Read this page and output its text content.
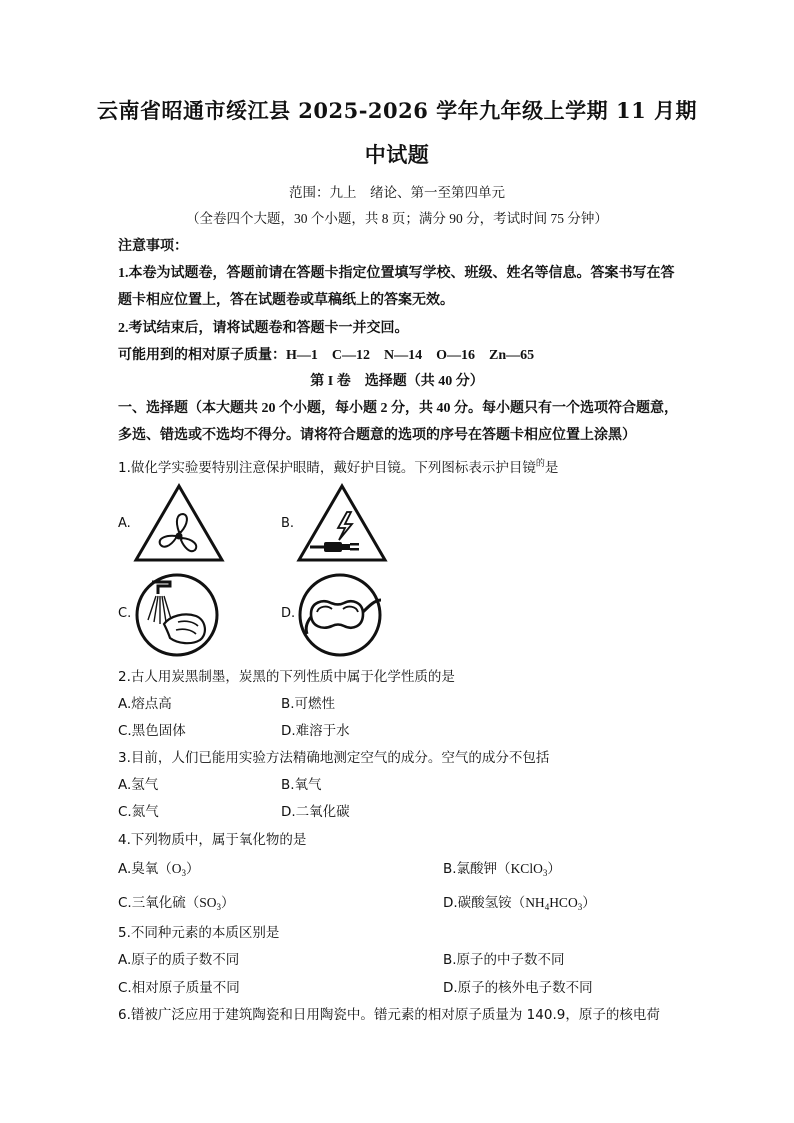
云南省昭通市绥江县 2025-2026 学年九年级上学期 11 月期
中试题
范围：九上　绪论、第一至第四单元
（全卷四个大题，30 个小题，共 8 页；满分 90 分，考试时间 75 分钟）
注意事项：
1.本卷为试题卷，答题前请在答题卡指定位置填写学校、班级、姓名等信息。答案书写在答
题卡相应位置上，答在试题卷或草稿纸上的答案无效。
2.考试结束后，请将试题卷和答题卡一并交回。
可能用到的相对原子质量：H—1　C—12　N—14　O—16　Zn—65
第 I 卷　选择题（共 40 分）
一、选择题（本大题共 20 个小题，每小题 2 分，共 40 分。每小题只有一个选项符合题意，
多选、错选或不选均不得分。请将符合题意的选项的序号在答题卡相应位置上涂黑）
1.做化学实验要特别注意保护眼睛，戴好护目镜。下列图标表示护目镜$^的$是
A.	B.
C.	D.
2.古人用炭黑制墨，炭黑的下列性质中属于化学性质的是
A.熔点高	B.可燃性
C.黑色固体	D.难溶于水
3.目前，人们已能用实验方法精确地测定空气的成分。空气的成分不包括
A.氢气	B.氧气
C.氮气	D.二氧化碳
4.下列物质中，属于氧化物的是
A.臭氧$(O_3)$	B.氯酸钾（KClO$_3$）
C.三氧化硫$(SO_3)$	D.碳酸氢铵$(NH_4HCO_3)$
5.不同种元素的本质区别是
A.原子的质子数不同	B.原子的中子数不同
C.相对原子质量不同	D.原子的核外电子数不同
6.镨被广泛应用于建筑陶瓷和日用陶瓷中。镨元素的相对原子质量为 140.9，原子的核电荷
